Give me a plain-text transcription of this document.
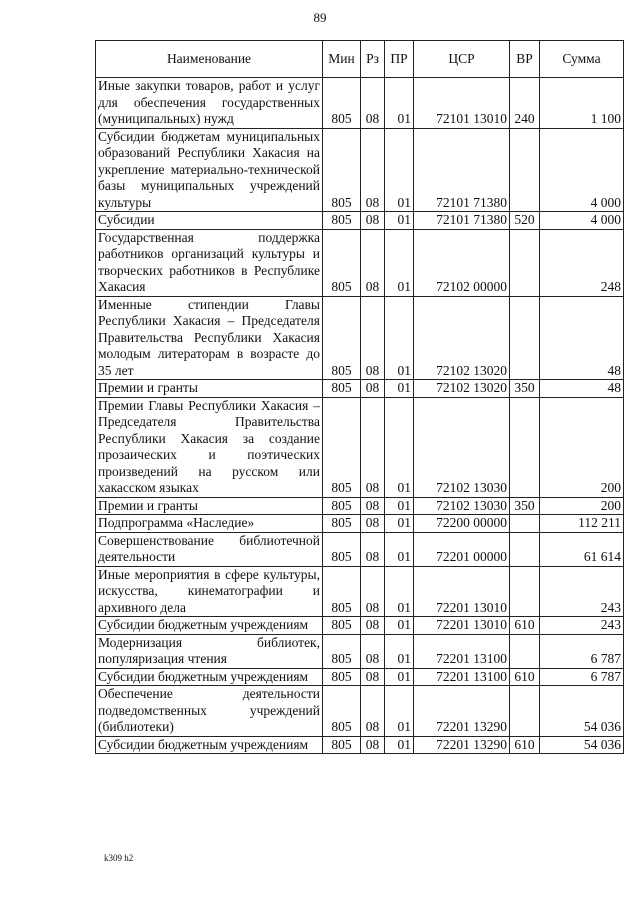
89
Наименование	Мин	Рз	ПР	ЦСР	ВР	Сумма
Иные закупки товаров, работ и услуг для обеспечения государственных (муниципальных) нужд	805	08	01	72101 13010	240	1 100
Субсидии бюджетам муниципальных образований Республики Хакасия на укрепление материально-технической базы муниципальных учреждений культуры	805	08	01	72101 71380		4 000
Субсидии	805	08	01	72101 71380	520	4 000
Государственная поддержка работников организаций культуры и творческих работников в Республике Хакасия	805	08	01	72102 00000		248
Именные стипендии Главы Республики Хакасия – Председателя Правительства Республики Хакасия молодым литераторам в возрасте до 35 лет	805	08	01	72102 13020		48
Премии и гранты	805	08	01	72102 13020	350	48
Премии Главы Республики Хакасия – Председателя Правительства Республики Хакасия за создание прозаических и поэтических произведений на русском или хакасском языках	805	08	01	72102 13030		200
Премии и гранты	805	08	01	72102 13030	350	200
Подпрограмма «Наследие»	805	08	01	72200 00000		112 211
Совершенствование библиотечной деятельности	805	08	01	72201 00000		61 614
Иные мероприятия в сфере культуры, искусства, кинематографии и архивного дела	805	08	01	72201 13010		243
Субсидии бюджетным учреждениям	805	08	01	72201 13010	610	243
Модернизация библиотек, популяризация чтения	805	08	01	72201 13100		6 787
Субсидии бюджетным учреждениям	805	08	01	72201 13100	610	6 787
Обеспечение деятельности подведомственных учреждений (библиотеки)	805	08	01	72201 13290		54 036
Субсидии бюджетным учреждениям	805	08	01	72201 13290	610	54 036
k309 h2
